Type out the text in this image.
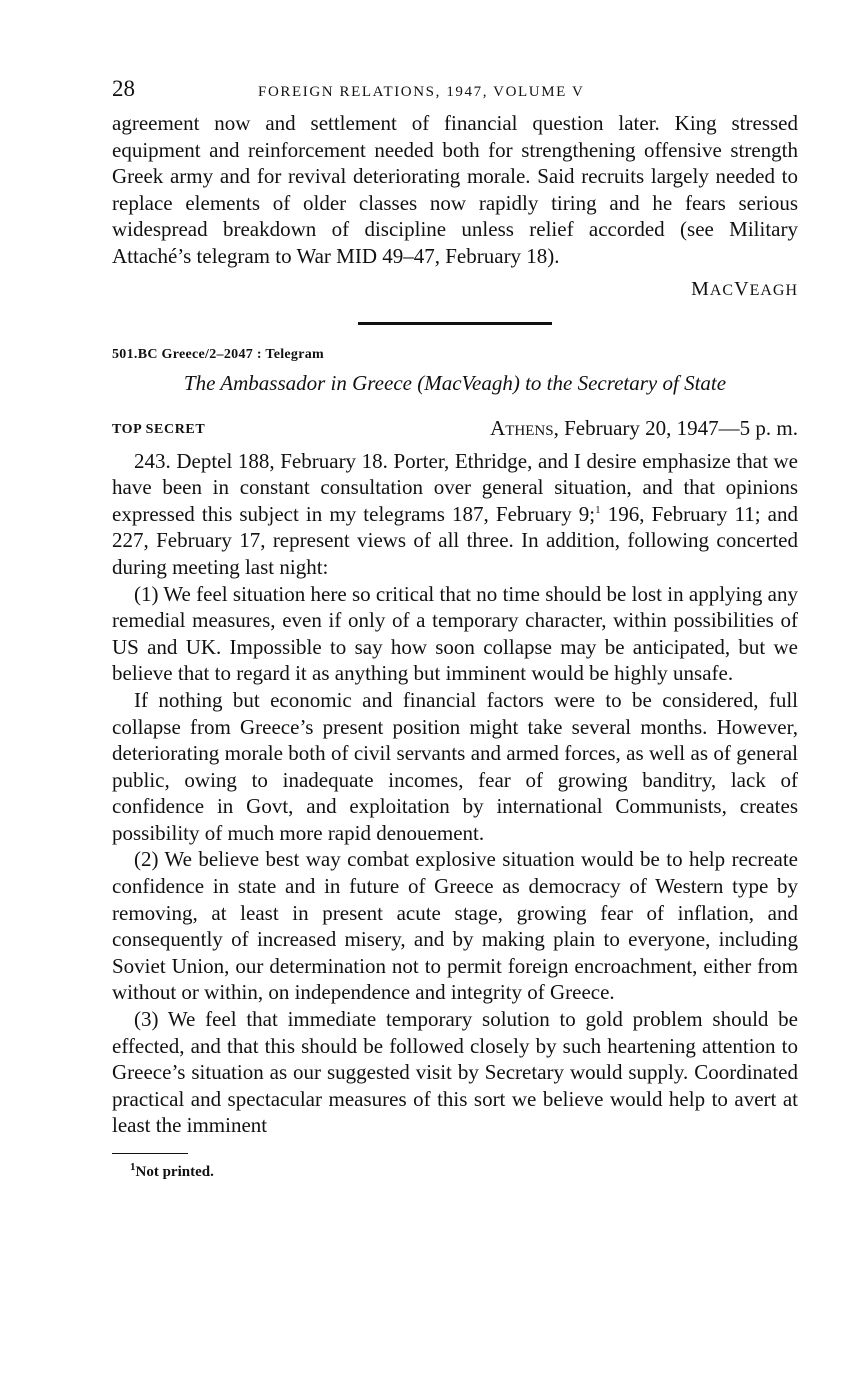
28	FOREIGN RELATIONS, 1947, VOLUME V

agreement now and settlement of financial question later. King stressed equipment and reinforcement needed both for strengthening offensive strength Greek army and for revival deteriorating morale. Said recruits largely needed to replace elements of older classes now rapidly tiring and he fears serious widespread breakdown of discipline unless relief accorded (see Military Attaché’s telegram to War MID 49–47, February 18).

MACVEAGH
501.BC Greece/2–2047 : Telegram
The Ambassador in Greece (MacVeagh) to the Secretary of State
TOP SECRET	Athens, February 20, 1947—5 p. m.

243. Deptel 188, February 18. Porter, Ethridge, and I desire emphasize that we have been in constant consultation over general situation, and that opinions expressed this subject in my telegrams 187, February 9;$^1$ 196, February 11; and 227, February 17, represent views of all three. In addition, following concerted during meeting last night:

(1) We feel situation here so critical that no time should be lost in applying any remedial measures, even if only of a temporary character, within possibilities of US and UK. Impossible to say how soon collapse may be anticipated, but we believe that to regard it as anything but imminent would be highly unsafe.

If nothing but economic and financial factors were to be considered, full collapse from Greece’s present position might take several months. However, deteriorating morale both of civil servants and armed forces, as well as of general public, owing to inadequate incomes, fear of growing banditry, lack of confidence in Govt, and exploitation by international Communists, creates possibility of much more rapid denouement.

(2) We believe best way combat explosive situation would be to help recreate confidence in state and in future of Greece as democracy of Western type by removing, at least in present acute stage, growing fear of inflation, and consequently of increased misery, and by making plain to everyone, including Soviet Union, our determination not to permit foreign encroachment, either from without or within, on independence and integrity of Greece.

(3) We feel that immediate temporary solution to gold problem should be effected, and that this should be followed closely by such heartening attention to Greece’s situation as our suggested visit by Secretary would supply. Coordinated practical and spectacular measures of this sort we believe would help to avert at least the imminent

$^1$Not printed.
